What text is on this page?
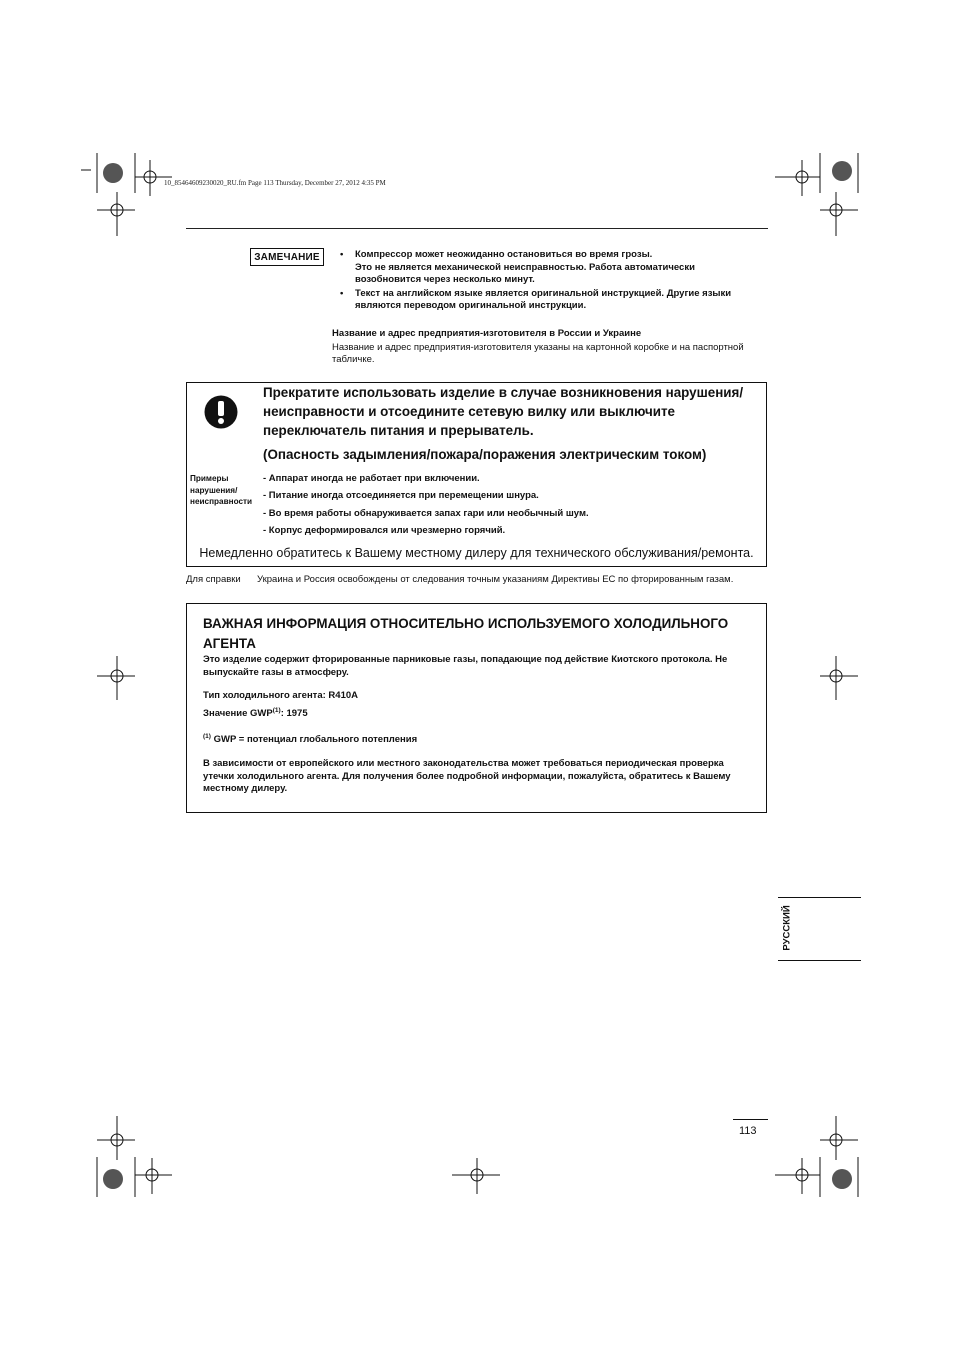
10_85464609230020_RU.fm Page 113 Thursday, December 27, 2012 4:35 PM
ЗАМЕЧАНИЕ	• Компрессор может неожиданно остановиться во время грозы.
Это не является механической неисправностью. Работа автоматически возобновится через несколько минут.
• Текст на английском языке является оригинальной инструкцией. Другие языки являются переводом оригинальной инструкции.
Название и адрес предприятия-изготовителя в России и Украине
Название и адрес предприятия-изготовителя указаны на картонной коробке и на паспортной табличке.
Прекратите использовать изделие в случае возникновения нарушения/ неисправности и отсоедините сетевую вилку или выключите переключатель питания и прерыватель.
(Опасность задымления/пожара/поражения электрическим током)
Примеры нарушения/ неисправности
- Аппарат иногда не работает при включении.
- Питание иногда отсоединяется при перемещении шнура.
- Во время работы обнаруживается запах гари или необычный шум.
- Корпус деформировался или чрезмерно горячий.
Немедленно обратитесь к Вашему местному дилеру для технического обслуживания/ремонта.
Для справки Украина и Россия освобождены от следования точным указаниям Директивы ЕС по фторированным газам.
ВАЖНАЯ ИНФОРМАЦИЯ ОТНОСИТЕЛЬНО ИСПОЛЬЗУЕМОГО ХОЛОДИЛЬНОГО АГЕНТА
Это изделие содержит фторированные парниковые газы, попадающие под действие Киотского протокола. Не выпускайте газы в атмосферу.
Тип холодильного агента: R410A
Значение GWP$^{(1)}$: 1975
$^{(1)}$ GWP = потенциал глобального потепления
В зависимости от европейского или местного законодательства может требоваться периодическая проверка утечки холодильного агента. Для получения более подробной информации, пожалуйста, обратитесь к Вашему местному дилеру.
РУССКИЙ
113
